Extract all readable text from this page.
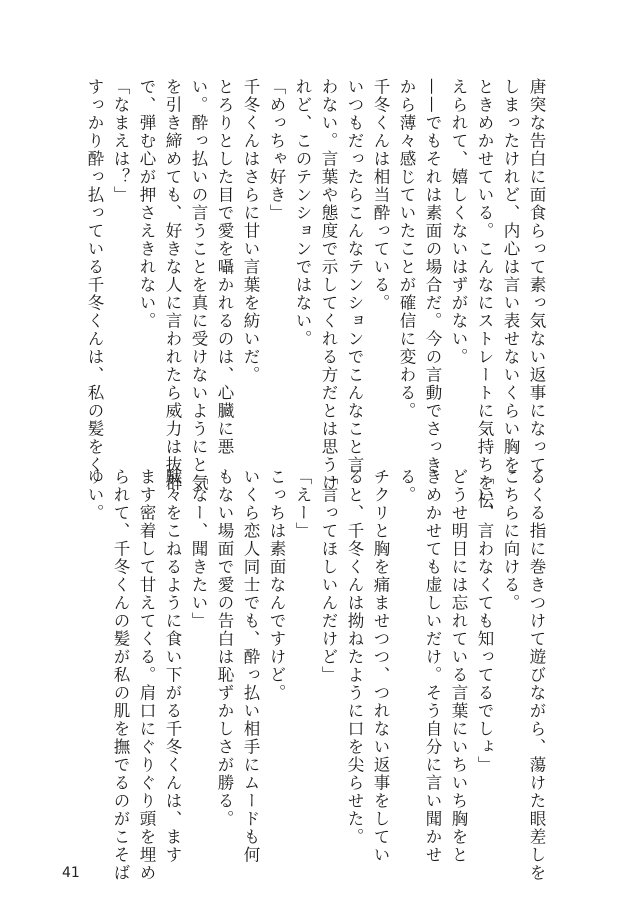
唐突な告白に面食らって素っ気ない返事になって
しまったけれど、内心は言い表せないくらい胸を
ときめかせている。こんなにストレートに気持ちを伝
えられて、嬉しくないはずがない。
——でもそれは素面の場合だ。今の言動でさっき
から薄々感じていたことが確信に変わる。
千冬くんは相当酔っている。
いつもだったらこんなテンションでこんなこと言
わない。言葉や態度で示してくれる方だとは思うけ
れど、このテンションではない。
「めっちゃ好き」
千冬くんはさらに甘い言葉を紡いだ。
とろりとした目で愛を囁かれるのは、心臓に悪
い。酔っ払いの言うことを真に受けないようにと気
を引き締めても、好きな人に言われたら威力は抜群
で、弾む心が押さえきれない。
「なまえは？」
すっかり酔っ払っている千冬くんは、私の髪をく
るくる指に巻きつけて遊びながら、蕩けた眼差しを
こちらに向ける。
「い、言わなくても知ってるでしょ」
どうせ明日には忘れている言葉にいちいち胸をと
きめかせても虚しいだけ。そう自分に言い聞かせ
る。
チクリと胸を痛ませつつ、つれない返事をしてい
ると、千冬くんは拗ねたように口を尖らせた。
「言ってほしいんだけど」
「えー」
こっちは素面なんですけど。
いくら恋人同士でも、酔っ払い相手にムードも何
もない場面で愛の告白は恥ずかしさが勝る。
「なー、聞きたい」
駄々をこねるように食い下がる千冬くんは、ます
ます密着して甘えてくる。肩口にぐりぐり頭を埋め
られて、千冬くんの髪が私の肌を撫でるのがこそば
ゆい。
41
